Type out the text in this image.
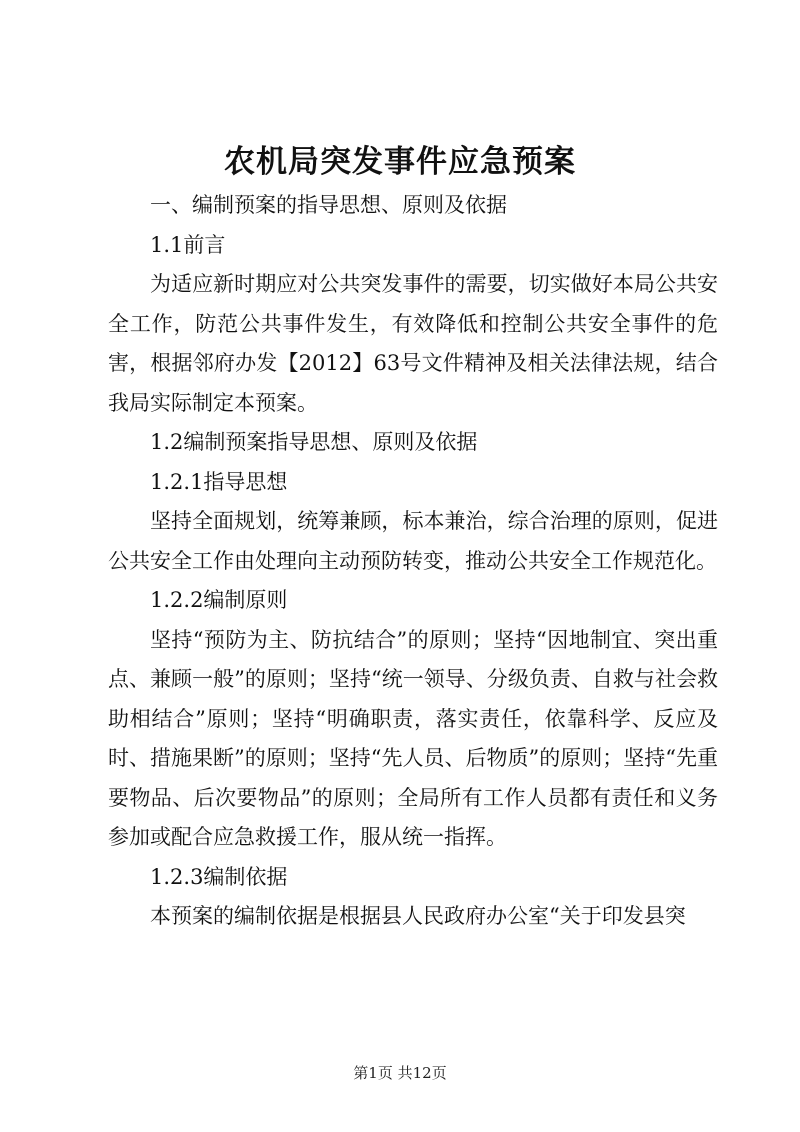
农机局突发事件应急预案

一、编制预案的指导思想、原则及依据

1.1前言

为适应新时期应对公共突发事件的需要，切实做好本局公共安全工作，防范公共事件发生，有效降低和控制公共安全事件的危害，根据邻府办发【2012】63号文件精神及相关法律法规，结合我局实际制定本预案。

1.2编制预案指导思想、原则及依据

1.2.1指导思想

坚持全面规划，统筹兼顾，标本兼治，综合治理的原则，促进公共安全工作由处理向主动预防转变，推动公共安全工作规范化。

1.2.2编制原则

坚持“预防为主、防抗结合”的原则；坚持“因地制宜、突出重点、兼顾一般”的原则；坚持“统一领导、分级负责、自救与社会救助相结合”原则；坚持“明确职责，落实责任，依靠科学、反应及时、措施果断”的原则；坚持“先人员、后物质”的原则；坚持“先重要物品、后次要物品”的原则；全局所有工作人员都有责任和义务参加或配合应急救援工作，服从统一指挥。

1.2.3编制依据

本预案的编制依据是根据县人民政府办公室“关于印发县突

第1页 共12页
